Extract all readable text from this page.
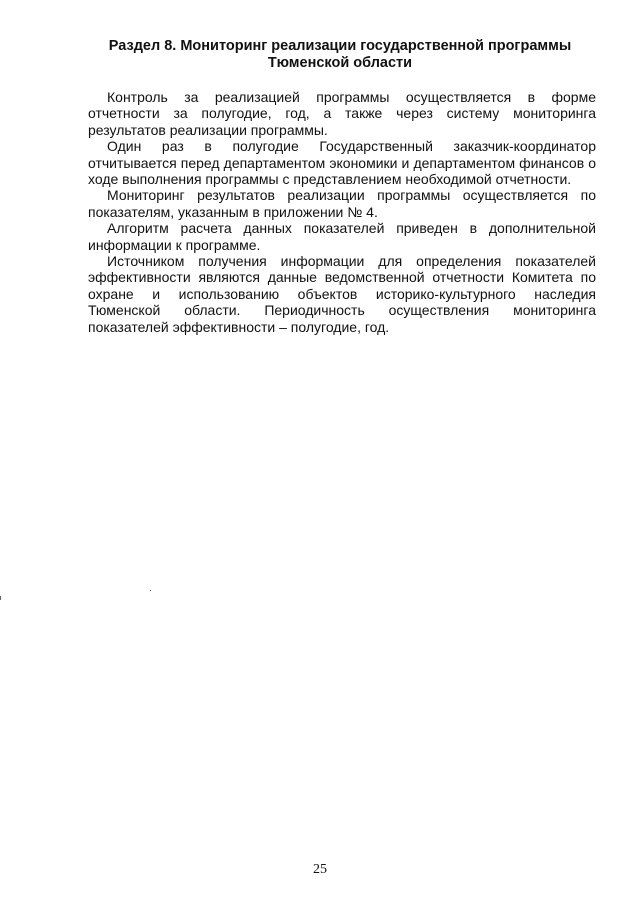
Раздел 8. Мониторинг реализации государственной программы
Тюменской области

Контроль за реализацией программы осуществляется в форме отчетности за полугодие, год, а также через систему мониторинга результатов реализации программы.

Один раз в полугодие Государственный заказчик-координатор отчитывается перед департаментом экономики и департаментом финансов о ходе выполнения программы с представлением необходимой отчетности.

Мониторинг результатов реализации программы осуществляется по показателям, указанным в приложении № 4.

Алгоритм расчета данных показателей приведен в дополнительной информации к программе.

Источником получения информации для определения показателей эффективности являются данные ведомственной отчетности Комитета по охране и использованию объектов историко-культурного наследия Тюменской области. Периодичность осуществления мониторинга показателей эффективности – полугодие, год.

25
